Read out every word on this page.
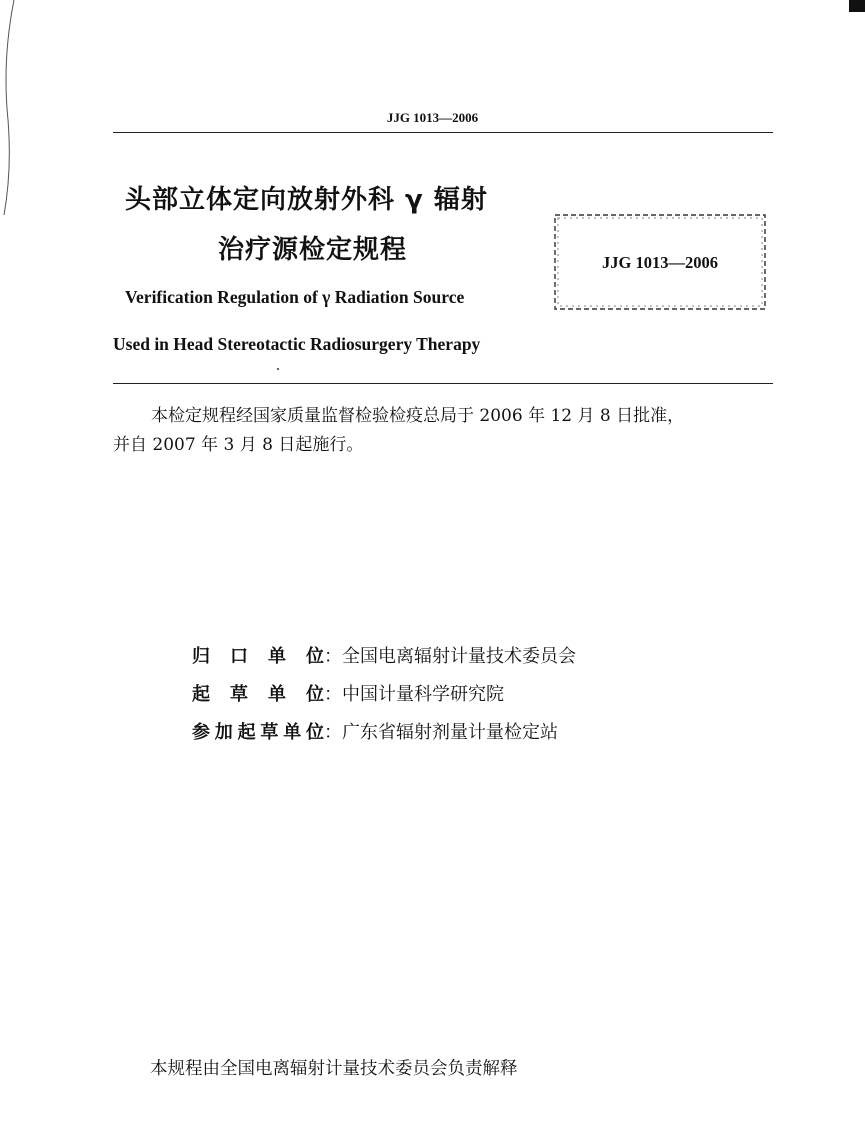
JJG 1013—2006
头部立体定向放射外科 γ 辐射
治疗源检定规程
Verification Regulation of γ Radiation Source
Used in Head Stereotactic Radiosurgery Therapy
JJG 1013—2006
本检定规程经国家质量监督检验检疫总局于 2006 年 12 月 8 日批准，
并自 2007 年 3 月 8 日起施行。
归口单位：全国电离辐射计量技术委员会
起草单位：中国计量科学研究院
参加起草单位：广东省辐射剂量计量检定站
本规程由全国电离辐射计量技术委员会负责解释
